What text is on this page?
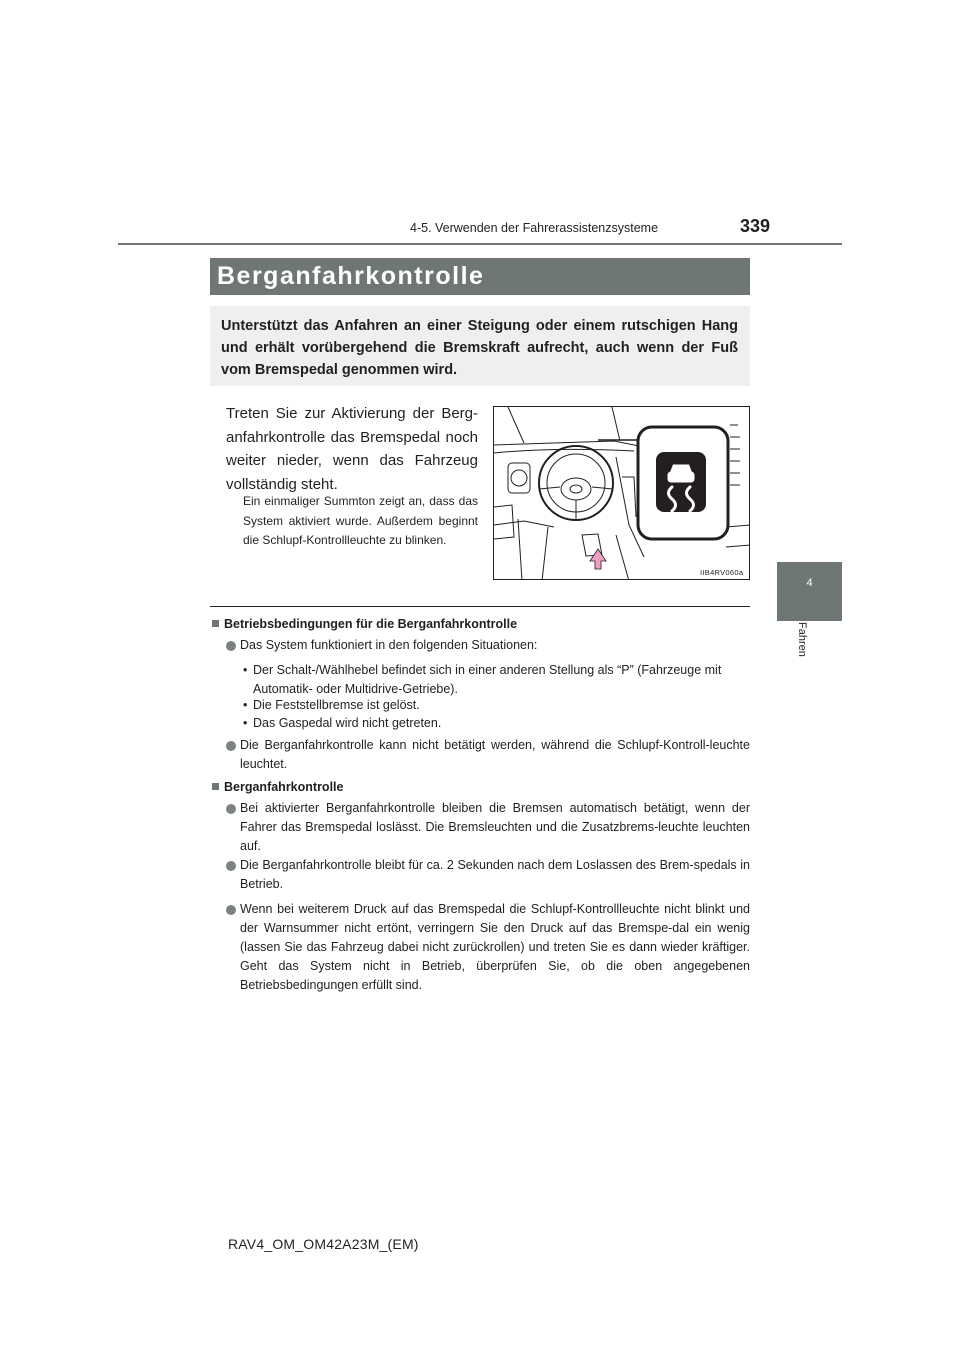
4-5. Verwenden der Fahrerassistenzsysteme	339
4
Fahren
Berganfahrkontrolle
Unterstützt das Anfahren an einer Steigung oder einem rutschigen Hang und erhält vorübergehend die Bremskraft aufrecht, auch wenn der Fuß vom Bremspedal genommen wird.
Treten Sie zur Aktivierung der Berg-anfahrkontrolle das Bremspedal noch weiter nieder, wenn das Fahrzeug vollständig steht.
Ein einmaliger Summton zeigt an, dass das System aktiviert wurde. Außerdem beginnt die Schlupf-Kontrollleuchte zu blinken.
IIB4RV060a
Betriebsbedingungen für die Berganfahrkontrolle
Das System funktioniert in den folgenden Situationen:
• Der Schalt-/Wählhebel befindet sich in einer anderen Stellung als “P” (Fahrzeuge mit Automatik- oder Multidrive-Getriebe).
• Die Feststellbremse ist gelöst.
• Das Gaspedal wird nicht getreten.
Die Berganfahrkontrolle kann nicht betätigt werden, während die Schlupf-Kontroll-leuchte leuchtet.
Berganfahrkontrolle
Bei aktivierter Berganfahrkontrolle bleiben die Bremsen automatisch betätigt, wenn der Fahrer das Bremspedal loslässt. Die Bremsleuchten und die Zusatzbrems-leuchte leuchten auf.
Die Berganfahrkontrolle bleibt für ca. 2 Sekunden nach dem Loslassen des Brem-spedals in Betrieb.
Wenn bei weiterem Druck auf das Bremspedal die Schlupf-Kontrollleuchte nicht blinkt und der Warnsummer nicht ertönt, verringern Sie den Druck auf das Bremspe-dal ein wenig (lassen Sie das Fahrzeug dabei nicht zurückrollen) und treten Sie es dann wieder kräftiger. Geht das System nicht in Betrieb, überprüfen Sie, ob die oben angegebenen Betriebsbedingungen erfüllt sind.
RAV4_OM_OM42A23M_(EM)
